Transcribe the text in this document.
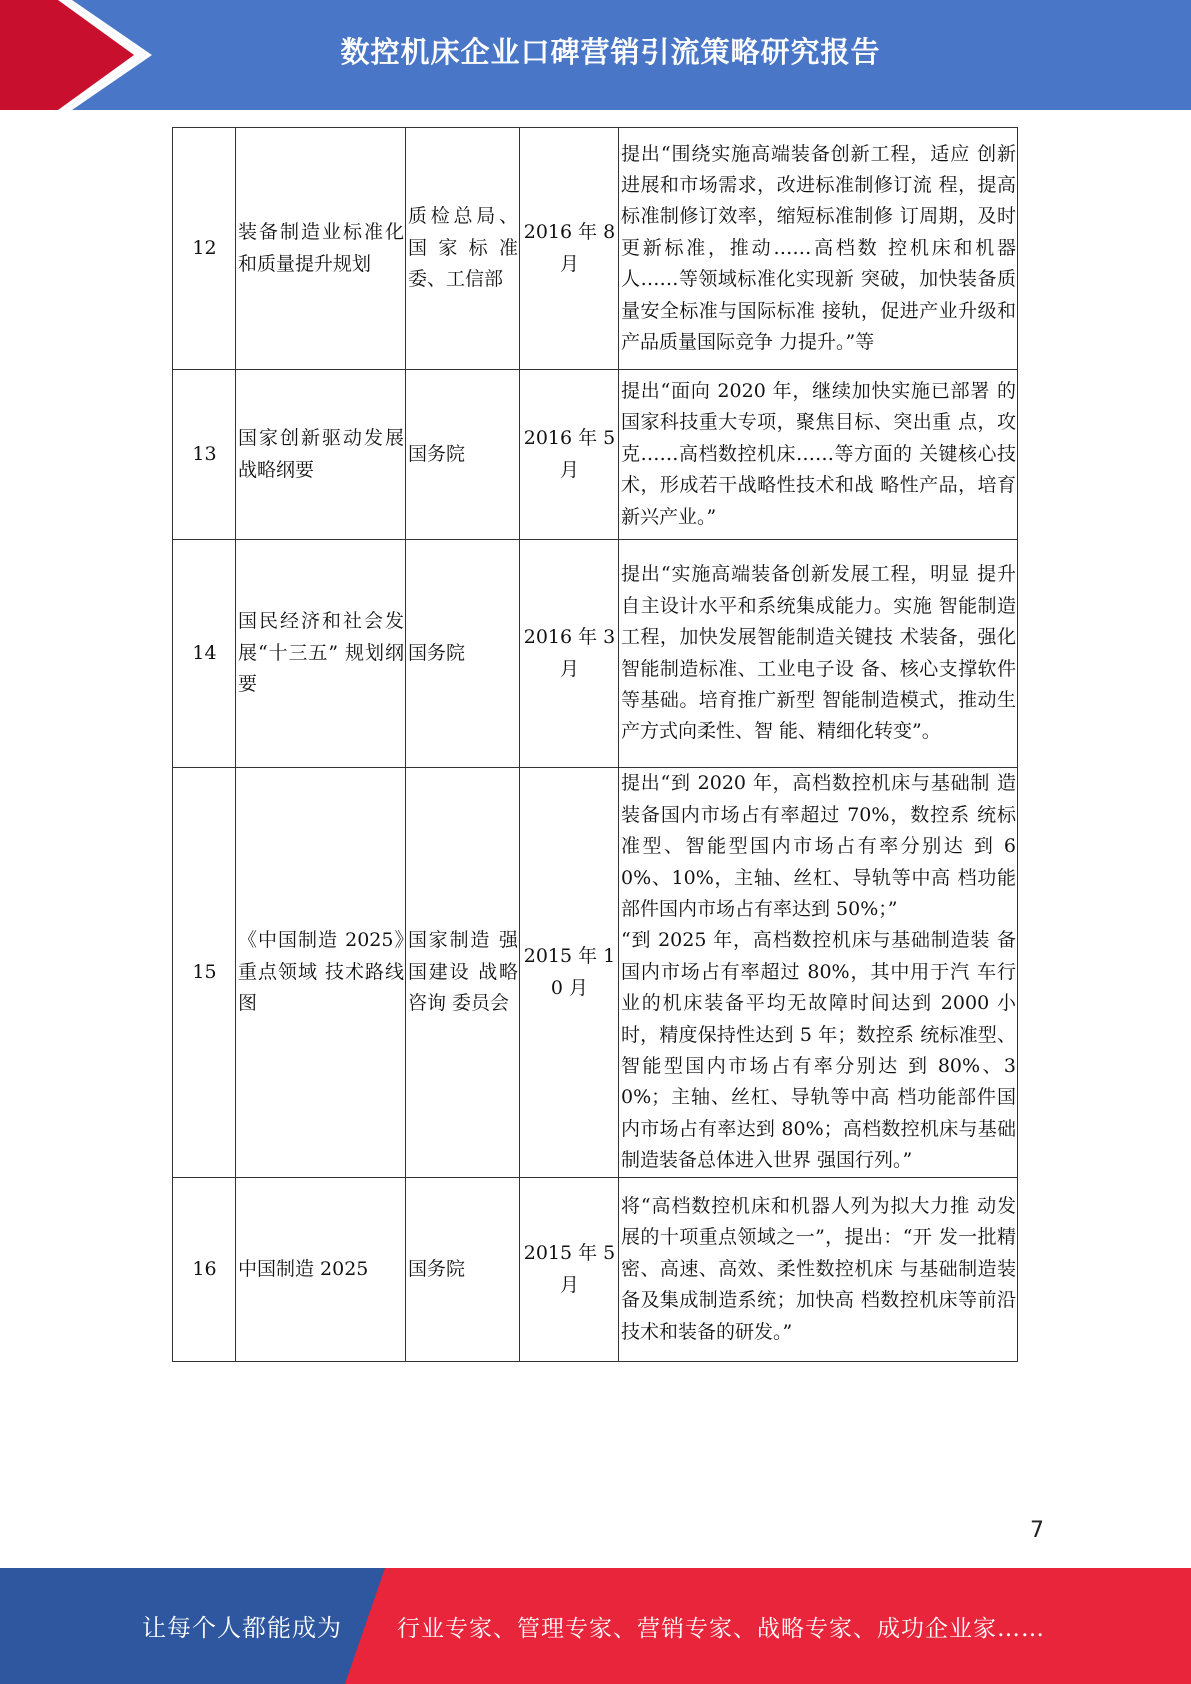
数控机床企业口碑营销引流策略研究报告
12	装备制造业标准化和质量提升规划	质检总局、国家标准委、工信部	2016 年 8 月	提出“围绕实施高端装备创新工程，适应 创新进展和市场需求，改进标准制修订流 程，提高标准制修订效率，缩短标准制修 订周期，及时更新标准，推动……高档数 控机床和机器人……等领域标准化实现新 突破，加快装备质量安全标准与国际标准 接轨，促进产业升级和产品质量国际竞争 力提升。”等

13	国家创新驱动发展战略纲要	国务院	2016 年 5 月	提出“面向 2020 年，继续加快实施已部署 的国家科技重大专项，聚焦目标、突出重 点，攻克……高档数控机床……等方面的 关键核心技术，形成若干战略性技术和战 略性产品，培育新兴产业。”

14	国民经济和社会发展“十三五” 规划纲要	国务院	2016 年 3 月	提出“实施高端装备创新发展工程，明显 提升自主设计水平和系统集成能力。实施 智能制造工程，加快发展智能制造关键技 术装备，强化智能制造标准、工业电子设 备、核心支撑软件等基础。培育推广新型 智能制造模式，推动生产方式向柔性、智 能、精细化转变”。

15	《中国制造 2025》重点领域 技术路线图	国家制造 强国建设 战略咨询 委员会	2015 年 10 月	提出“到 2020 年，高档数控机床与基础制 造装备国内市场占有率超过 70%，数控系 统标准型、智能型国内市场占有率分别达 到 60%、10%，主轴、丝杠、导轨等中高 档功能部件国内市场占有率达到 50%；”
“到 2025 年，高档数控机床与基础制造装 备国内市场占有率超过 80%，其中用于汽 车行业的机床装备平均无故障时间达到 2000 小时，精度保持性达到 5 年；数控系 统标准型、智能型国内市场占有率分别达 到 80%、30%；主轴、丝杠、导轨等中高 档功能部件国内市场占有率达到 80%；高档数控机床与基础制造装备总体进入世界 强国行列。”

16	中国制造 2025	国务院	2015 年 5 月	将“高档数控机床和机器人列为拟大力推 动发展的十项重点领域之一”，提出：“开 发一批精密、高速、高效、柔性数控机床 与基础制造装备及集成制造系统；加快高 档数控机床等前沿技术和装备的研发。”
7
让每个人都能成为 行业专家、管理专家、营销专家、战略专家、成功企业家……
